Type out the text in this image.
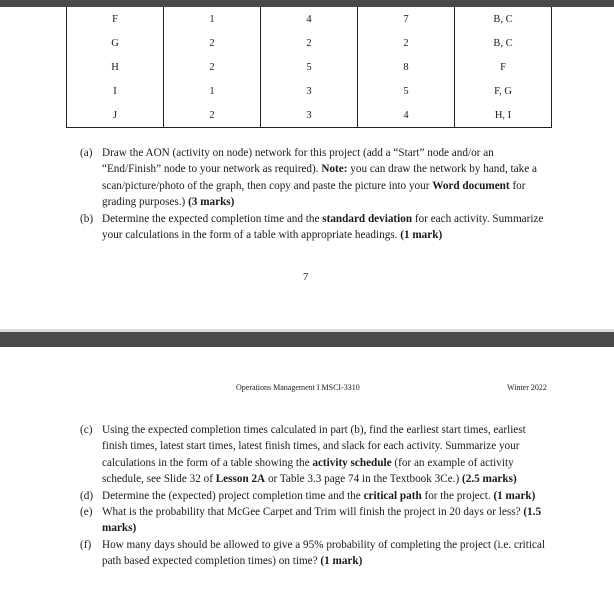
F	1	4	7	B, C
G	2	2	2	B, C
H	2	5	8	F
I	1	3	5	F, G
J	2	3	4	H, I

(a) Draw the AON (activity on node) network for this project (add a “Start” node and/or an “End/Finish” node to your network as required). Note: you can draw the network by hand, take a scan/picture/photo of the graph, then copy and paste the picture into your Word document for grading purposes.) (3 marks)

(b) Determine the expected completion time and the standard deviation for each activity. Summarize your calculations in the form of a table with appropriate headings. (1 mark)

7
Operations Management I MSCI-3310	Winter 2022

(c) Using the expected completion times calculated in part (b), find the earliest start times, earliest finish times, latest start times, latest finish times, and slack for each activity. Summarize your calculations in the form of a table showing the activity schedule (for an example of activity schedule, see Slide 32 of Lesson 2A or Table 3.3 page 74 in the Textbook 3Ce.) (2.5 marks)

(d) Determine the (expected) project completion time and the critical path for the project. (1 mark)

(e) What is the probability that McGee Carpet and Trim will finish the project in 20 days or less? (1.5 marks)

(f) How many days should be allowed to give a 95% probability of completing the project (i.e. critical path based expected completion times) on time? (1 mark)
